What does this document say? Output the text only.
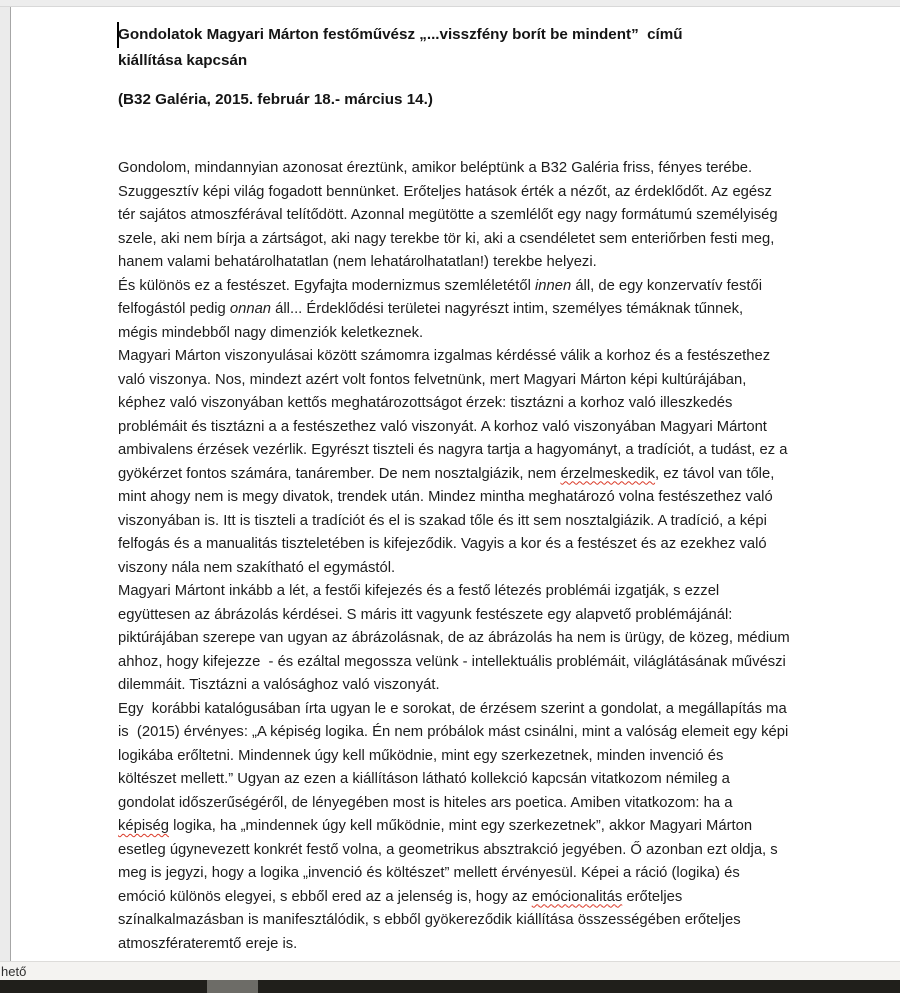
Gondolatok Magyari Márton festőművész „...visszfény borít be mindent”  című
kiállítása kapcsán
(B32 Galéria, 2015. február 18.- március 14.)
Gondolom, mindannyian azonosat éreztünk, amikor beléptünk a B32 Galéria friss, fényes terébe.
Szuggesztív képi világ fogadott bennünket. Erőteljes hatások érték a nézőt, az érdeklődőt. Az egész
tér sajátos atmoszférával telítődött. Azonnal megütötte a szemlélőt egy nagy formátumú személyiség
szele, aki nem bírja a zártságot, aki nagy terekbe tör ki, aki a csendéletet sem enteriőrben festi meg,
hanem valami behatárolhatatlan (nem lehatárolhatatlan!) terekbe helyezi.
És különös ez a festészet. Egyfajta modernizmus szemléletétől innen áll, de egy konzervatív festői
felfogástól pedig onnan áll... Érdeklődési területei nagyrészt intim, személyes témáknak tűnnek,
mégis mindebből nagy dimenziók keletkeznek.
Magyari Márton viszonyulásai között számomra izgalmas kérdéssé válik a korhoz és a festészethez
való viszonya. Nos, mindezt azért volt fontos felvetnünk, mert Magyari Márton képi kultúrájában,
képhez való viszonyában kettős meghatározottságot érzek: tisztázni a korhoz való illeszkedés
problémáit és tisztázni a a festészethez való viszonyát. A korhoz való viszonyában Magyari Mártont
ambivalens érzések vezérlik. Egyrészt tiszteli és nagyra tartja a hagyományt, a tradíciót, a tudást, ez a
gyökérzet fontos számára, tanárember. De nem nosztalgiázik, nem érzelmeskedik, ez távol van tőle,
mint ahogy nem is megy divatok, trendek után. Mindez mintha meghatározó volna festészethez való
viszonyában is. Itt is tiszteli a tradíciót és el is szakad tőle és itt sem nosztalgiázik. A tradíció, a képi
felfogás és a manualitás tiszteletében is kifejeződik. Vagyis a kor és a festészet és az ezekhez való
viszony nála nem szakítható el egymástól.
Magyari Mártont inkább a lét, a festői kifejezés és a festő létezés problémái izgatják, s ezzel
együttesen az ábrázolás kérdései. S máris itt vagyunk festészete egy alapvető problémájánál:
piktúrájában szerepe van ugyan az ábrázolásnak, de az ábrázolás ha nem is ürügy, de közeg, médium
ahhoz, hogy kifejezze  - és ezáltal megossza velünk - intellektuális problémáit, világlátásának művészi
dilemmáit. Tisztázni a valósághoz való viszonyát.
Egy  korábbi katalógusában írta ugyan le e sorokat, de érzésem szerint a gondolat, a megállapítás ma
is  (2015) érvényes: „A képiség logika. Én nem próbálok mást csinálni, mint a valóság elemeit egy képi
logikába erőltetni. Mindennek úgy kell működnie, mint egy szerkezetnek, minden invenció és
költészet mellett.” Ugyan az ezen a kiállításon látható kollekció kapcsán vitatkozom némileg a
gondolat időszerűségéről, de lényegében most is hiteles ars poetica. Amiben vitatkozom: ha a
képiség logika, ha „mindennek úgy kell működnie, mint egy szerkezetnek”, akkor Magyari Márton
esetleg úgynevezett konkrét festő volna, a geometrikus absztrakció jegyében. Ő azonban ezt oldja, s
meg is jegyzi, hogy a logika „invenció és költészet” mellett érvényesül. Képei a ráció (logika) és
emóció különös elegyei, s ebből ered az a jelenség is, hogy az emócionalitás erőteljes
színalkalmazásban is manifesztálódik, s ebből gyökereződik kiállítása összességében erőteljes
atmoszférateremtő ereje is.
hető
